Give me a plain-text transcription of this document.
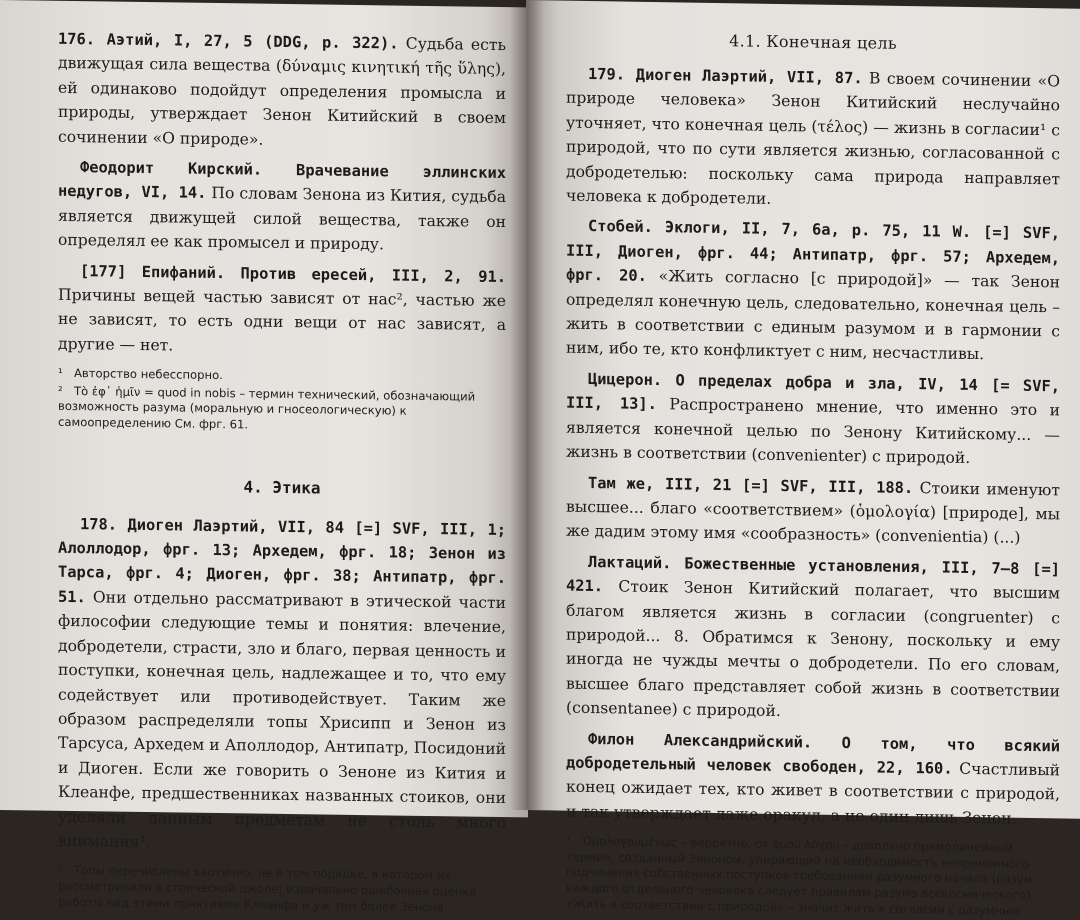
176. Аэтий, I, 27, 5 (DDG, p. 322). Судьба есть движущая сила вещества (δύναμις κινητική τῆς ὕλης), ей одинаково подойдут определения промысла и природы, утверждает Зенон Китийский в своем сочинении «О природе».

Феодорит Кирский. Врачевание эллинских недугов, VI, 14. По словам Зенона из Кития, судьба является движущей силой вещества, также он определял ее как промысел и природу.

[177] Епифаний. Против ересей, III, 2, 91. Причины вещей частью зависят от нас², частью же не зависят, то есть одни вещи от нас зависят, а другие — нет.

¹ Авторство небесспорно.

² Τὸ ἐφ᾽ ἡμῖν = quod in nobis – термин технический, обозначающий возможность разума (моральную и гносеологическую) к самоопределению См. фрг. 61.

4. Этика

178. Диоген Лаэртий, VII, 84 [=] SVF, III, 1; Алоллодор, фрг. 13; Архедем, фрг. 18; Зенон из Тарса, фрг. 4; Диоген, фрг. 38; Антипатр, фрг. 51. Они отдельно рассматривают в этической части философии следующие темы и понятия: влечение, добродетели, страсти, зло и благо, первая ценность и поступки, конечная цель, надлежащее и то, что ему содействует или противодействует. Таким же образом распределяли топы Хрисипп и Зенон из Тарсуса, Архедем и Аполлодор, Антипатр, Посидоний и Диоген. Если же говорить о Зеноне из Кития и Клеанфе, предшественниках названных стоиков, они уделяли данным предметам не столь много внимания¹.

¹ Топы перечислены хаотично, не в том порядке, в котором их рассматривали в стоической школе; изначально ошибочная оценка работы над этими понятиями Клеанфа и уж тем более Зенона.

4.1. Конечная цель

179. Диоген Лаэртий, VII, 87. В своем сочинении «О природе человека» Зенон Китийский неслучайно уточняет, что конечная цель (τέλος) — жизнь в согласии¹ с природой, что по сути является жизнью, согласованной с добродетелью: поскольку сама природа направляет человека к добродетели.

Стобей. Эклоги, II, 7, 6а, р. 75, 11 W. [=] SVF, III, Диоген, фрг. 44; Антипатр, фрг. 57; Архедем, фрг. 20. «Жить согласно [с природой]» — так Зенон определял конечную цель, следовательно, конечная цель – жить в соответствии с единым разумом и в гармонии с ним, ибо те, кто конфликтует с ним, несчастливы.

Цицерон. О пределах добра и зла, IV, 14 [= SVF, III, 13]. Распространено мнение, что именно это и является конечной целью по Зенону Китийскому... — жизнь в соответствии (convenienter) с природой.

Там же, III, 21 [=] SVF, III, 188. Стоики именуют высшее... благо «соответствием» (ὁμολογία) [природе], мы же дадим этому имя «сообразность» (convenientia) (...)

Лактаций. Божественные установления, III, 7–8 [=] 421. Стоик Зенон Китийский полагает, что высшим благом является жизнь в согласии (congruenter) с природой... 8. Обратимся к Зенону, поскольку и ему иногда не чужды мечты о добродетели. По его словам, высшее благо представляет собой жизнь в соответствии (consentanee) с природой.

Филон Александрийский. О том, что всякий добродетельный человек свободен, 22, 160. Счастливый конец ожидает тех, кто живет в соответствии с природой, и так утверждает даже оракул, а не один лишь Зенон.

¹ Ὁμολογουμένως – вероятно, от ὁμοῦ λόγου – довольно прямолинейный термин, созданный Зеноном, упирающий на необходимость непременного подчинения собственных поступков требованиям разумного начала (разум каждого отдельного человека следует правилам разума всекосмического). «Жить в соответствии с природой» – значит жить в согласии с разумным
